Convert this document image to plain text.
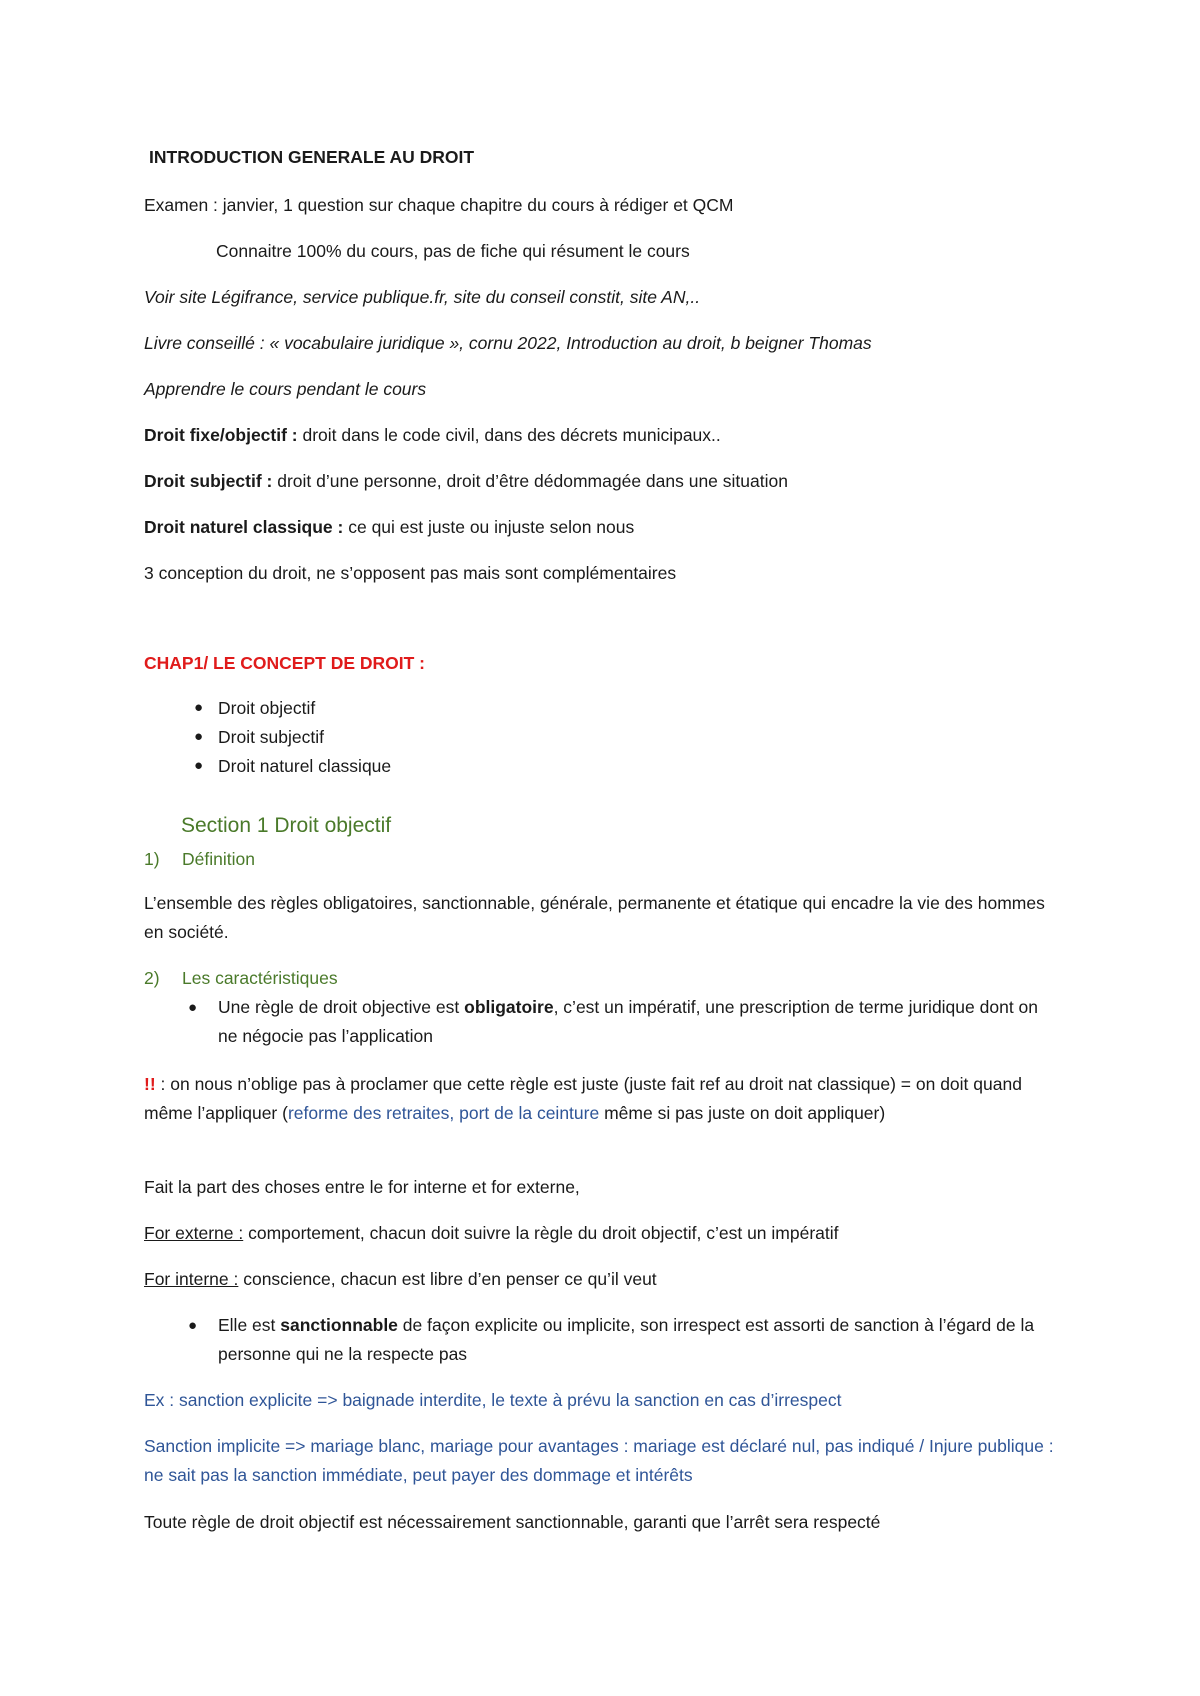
INTRODUCTION GENERALE AU DROIT

Examen : janvier, 1 question sur chaque chapitre du cours à rédiger et QCM

Connaitre 100% du cours, pas de fiche qui résument le cours

Voir site Légifrance, service publique.fr, site du conseil constit, site AN,..

Livre conseillé : « vocabulaire juridique », cornu 2022, Introduction au droit, b beigner Thomas

Apprendre le cours pendant le cours

Droit fixe/objectif : droit dans le code civil, dans des décrets municipaux..

Droit subjectif : droit d’une personne, droit d’être dédommagée dans une situation

Droit naturel classique : ce qui est juste ou injuste selon nous

3 conception du droit, ne s’opposent pas mais sont complémentaires

CHAP1/ LE CONCEPT DE DROIT :

● Droit objectif

● Droit subjectif

● Droit naturel classique

Section 1 Droit objectif

1) Définition

L’ensemble des règles obligatoires, sanctionnable, générale, permanente et étatique qui encadre la vie des hommes en société.

2) Les caractéristiques

● Une règle de droit objective est obligatoire, c’est un impératif, une prescription de terme juridique dont on ne négocie pas l’application

!! : on nous n’oblige pas à proclamer que cette règle est juste (juste fait ref au droit nat classique) = on doit quand même l’appliquer (reforme des retraites, port de la ceinture même si pas juste on doit appliquer)

Fait la part des choses entre le for interne et for externe,

For externe : comportement, chacun doit suivre la règle du droit objectif, c’est un impératif

For interne : conscience, chacun est libre d’en penser ce qu’il veut

● Elle est sanctionnable de façon explicite ou implicite, son irrespect est assorti de sanction à l’égard de la personne qui ne la respecte pas

Ex : sanction explicite => baignade interdite, le texte à prévu la sanction en cas d’irrespect

Sanction implicite => mariage blanc, mariage pour avantages : mariage est déclaré nul, pas indiqué / Injure publique : ne sait pas la sanction immédiate, peut payer des dommage et intérêts

Toute règle de droit objectif est nécessairement sanctionnable, garanti que l’arrêt sera respecté
